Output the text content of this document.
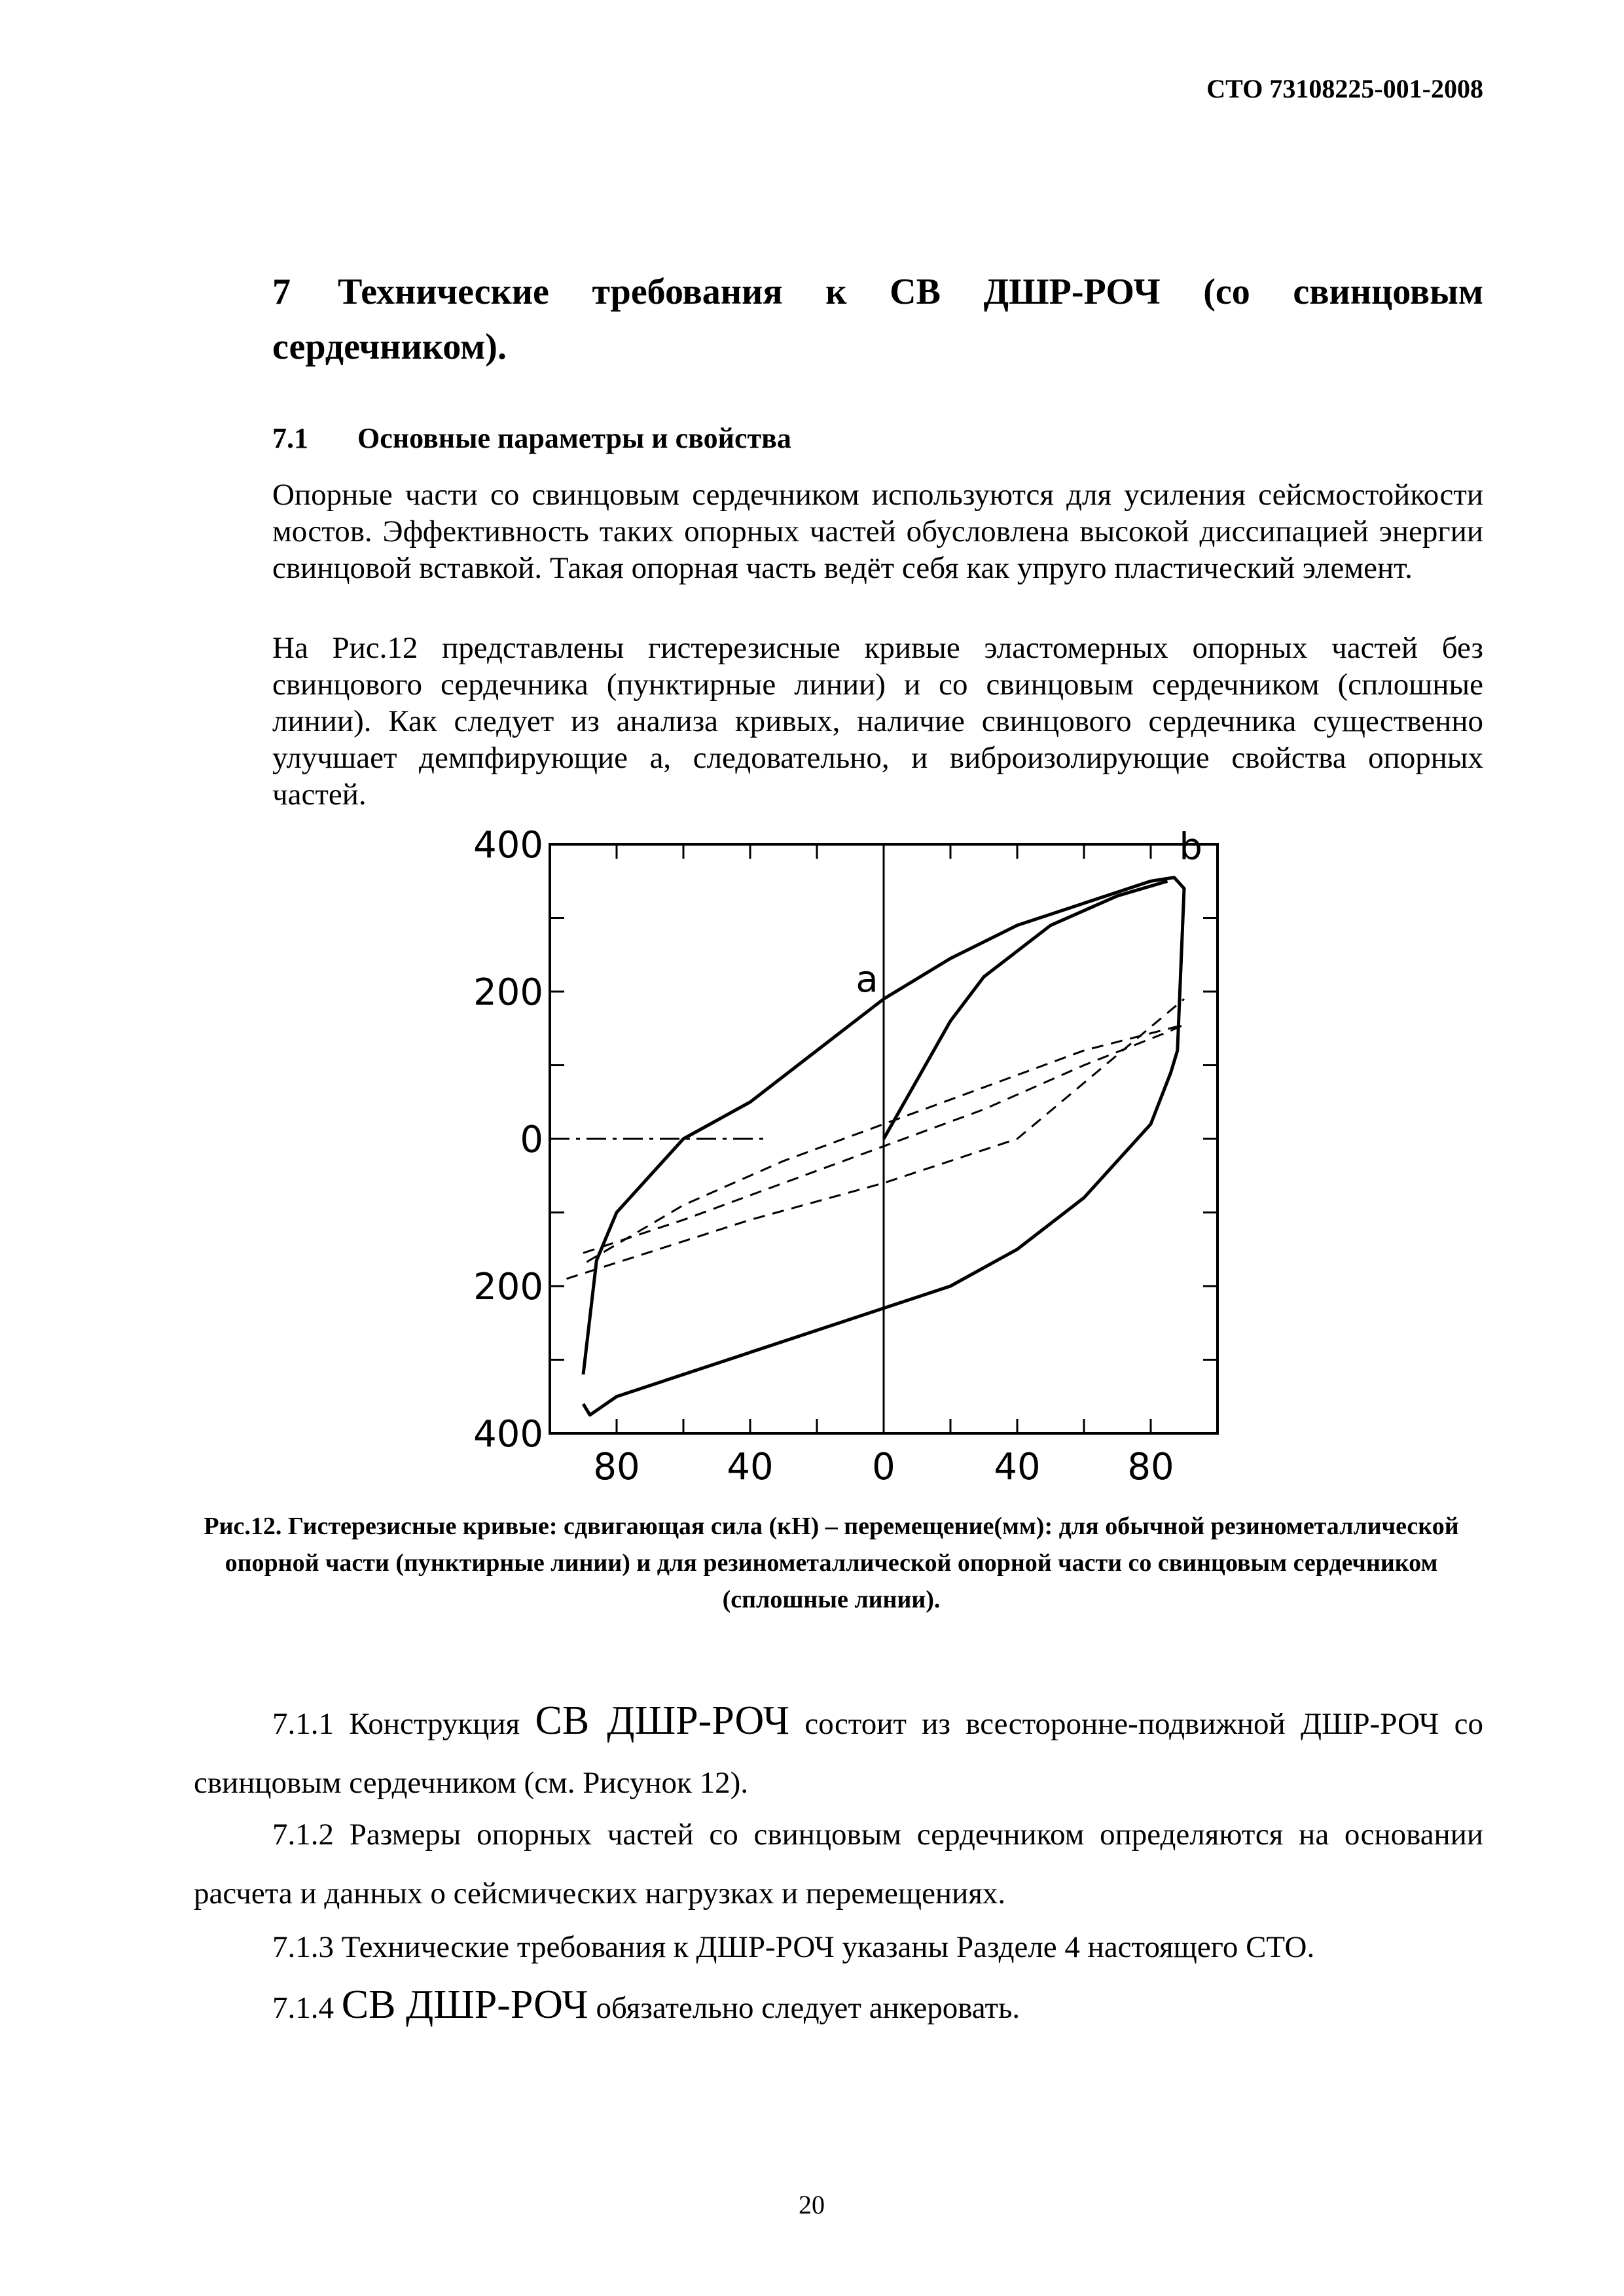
СТО 73108225-001-2008
7 Технические требования к СВ ДШР-РОЧ (со свинцовым сердечником).
7.1 Основные параметры и свойства

Опорные части со свинцовым сердечником используются для усиления сейсмостойкости мостов. Эффективность таких опорных частей обусловлена высокой диссипацией энергии свинцовой вставкой. Такая опорная часть ведёт себя как упруго пластический элемент.

На Рис.12 представлены гистерезисные кривые эластомерных опорных частей без свинцового сердечника (пунктирные линии) и со свинцовым сердечником (сплошные линии). Как следует из анализа кривых, наличие свинцового сердечника существенно улучшает демпфирующие а, следовательно, и виброизолирующие свойства опорных частей.

400
200
0
200
400
80 40	0	40 80
a
b
Рис.12. Гистерезисные кривые: сдвигающая сила (кН) – перемещение(мм): для обычной резинометаллической опорной части (пунктирные линии) и для резинометаллической опорной части со свинцовым сердечником (сплошные линии).

7.1.1 Конструкция СВ ДШР-РОЧ состоит из всесторонне-подвижной ДШР-РОЧ со свинцовым сердечником (см. Рисунок 12).

7.1.2 Размеры опорных частей со свинцовым сердечником определяются на основании расчета и данных о сейсмических нагрузках и перемещениях.

7.1.3 Технические требования к ДШР-РОЧ указаны Разделе 4 настоящего СТО.

7.1.4 СВ ДШР-РОЧ обязательно следует анкеровать.

20
